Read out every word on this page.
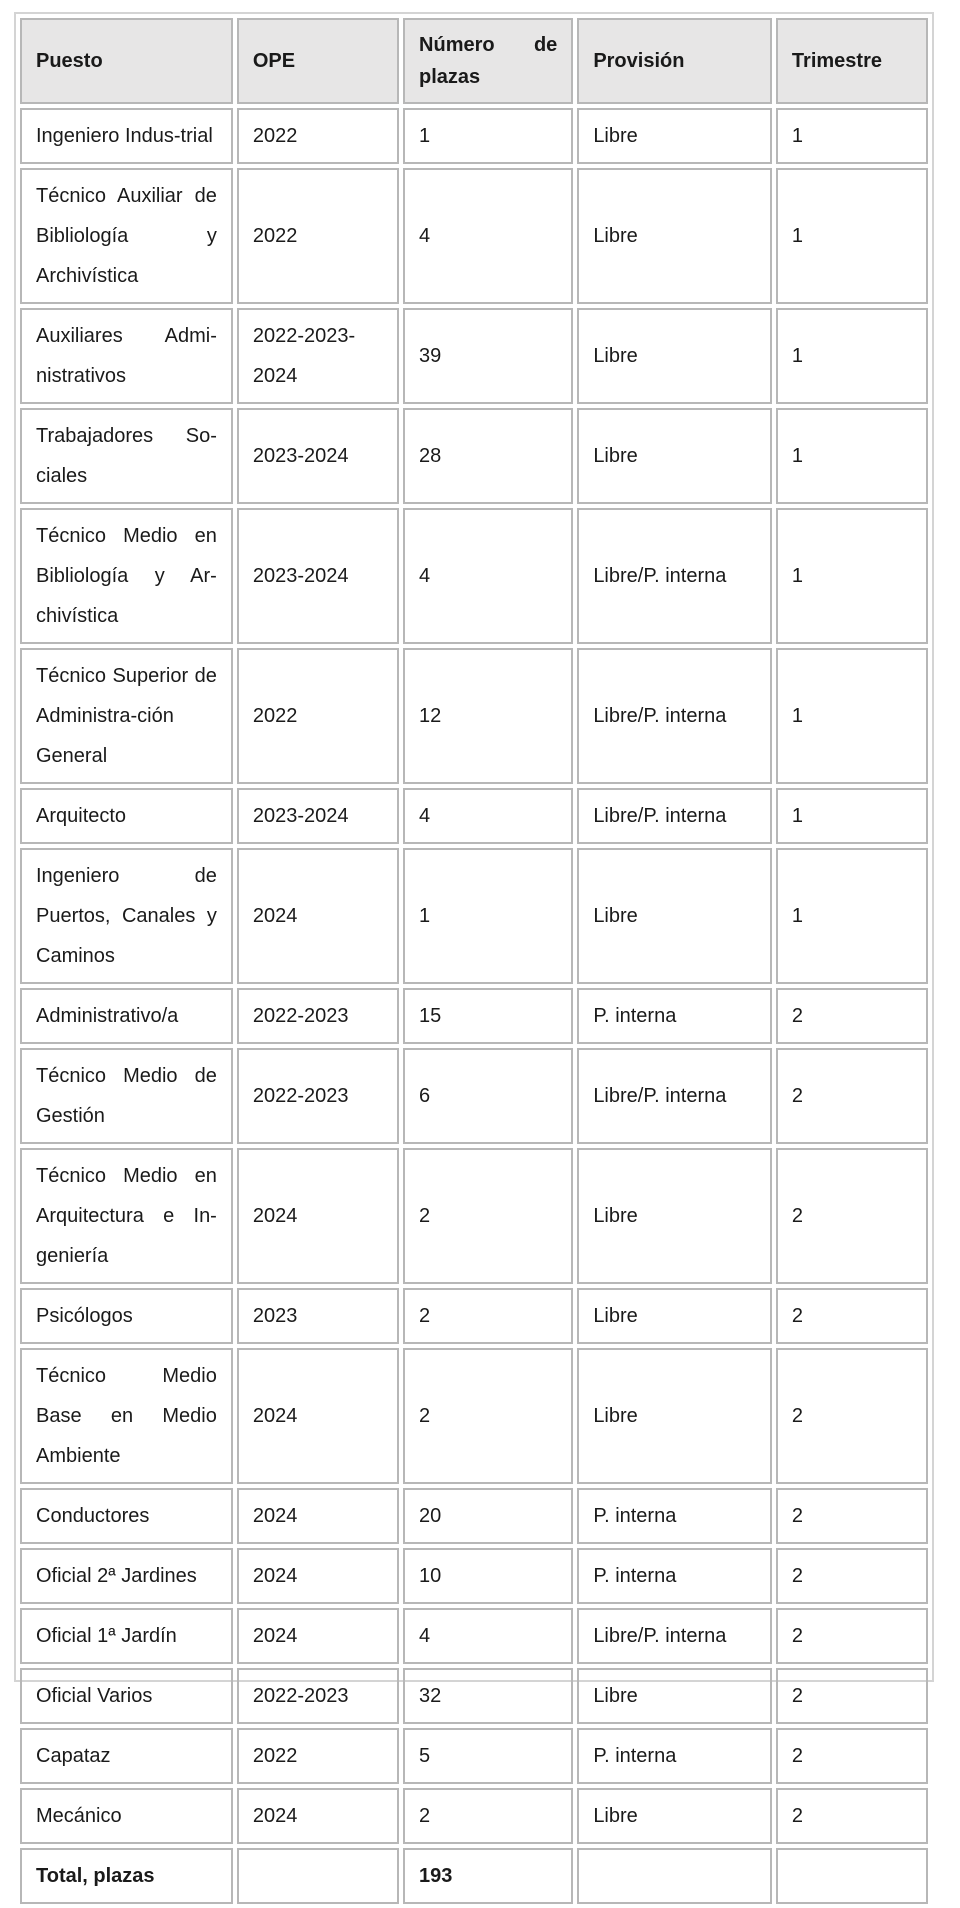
Puesto	OPE	Número de plazas	Provisión	Trimestre
Ingeniero Indus-trial	2022	1	Libre	1
Técnico Auxiliar de Bibliología y Archivística	2022	4	Libre	1
Auxiliares Admi-nistrativos	2022-2023-2024	39	Libre	1
Trabajadores So-ciales	2023-2024	28	Libre	1
Técnico Medio en Bibliología y Ar-chivística	2023-2024	4	Libre/P. interna	1
Técnico Superior de Administra-ción General	2022	12	Libre/P. interna	1
Arquitecto	2023-2024	4	Libre/P. interna	1
Ingeniero de Puertos, Canales y Caminos	2024	1	Libre	1
Administrativo/a	2022-2023	15	P. interna	2
Técnico Medio de Gestión	2022-2023	6	Libre/P. interna	2
Técnico Medio en Arquitectura e In-geniería	2024	2	Libre	2
Psicólogos	2023	2	Libre	2
Técnico Medio Base en Medio Ambiente	2024	2	Libre	2
Conductores	2024	20	P. interna	2
Oficial 2ª Jardines	2024	10	P. interna	2
Oficial 1ª Jardín	2024	4	Libre/P. interna	2
Oficial Varios	2022-2023	32	Libre	2
Capataz	2022	5	P. interna	2
Mecánico	2024	2	Libre	2
Total, plazas		193		
